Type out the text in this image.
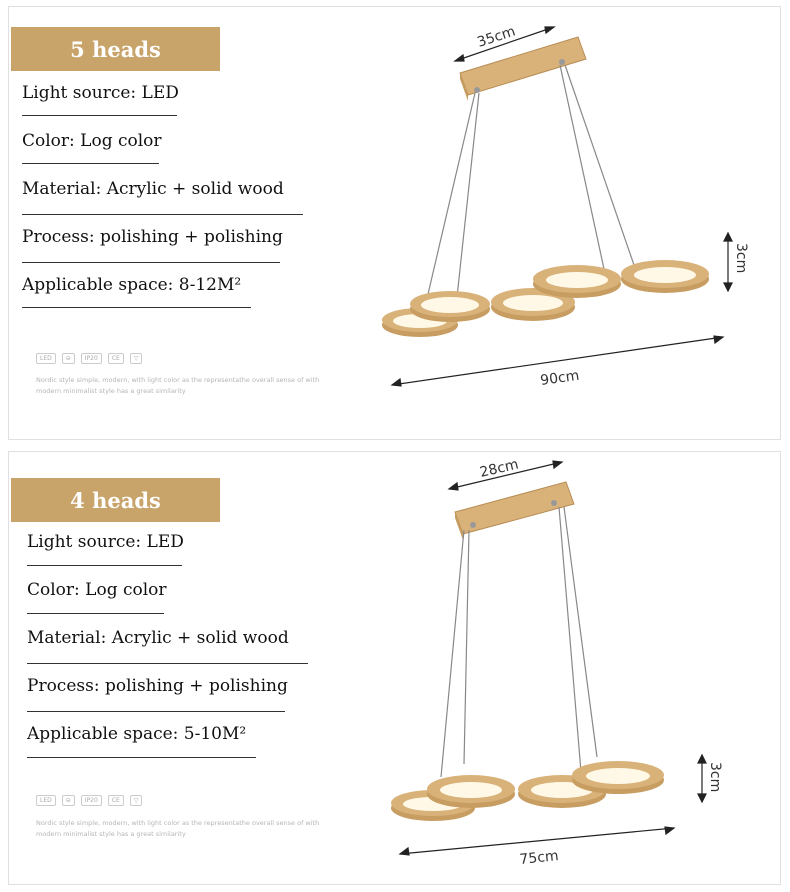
5 heads
Light source: LED
Color: Log color
Material: Acrylic + solid wood
Process: polishing + polishing
Applicable space: 8-12M²
LED	⊖	IP20	CE	▽
Nordic style simple, modern, with light color as the representathe overall sense of with modern minimalist style has a great similarity
35cm
3cm
90cm
4 heads
Light source: LED
Color: Log color
Material: Acrylic + solid wood
Process: polishing + polishing
Applicable space: 5-10M²
LED	⊖	IP20	CE	▽
Nordic style simple, modern, with light color as the representathe overall sense of with modern minimalist style has a great similarity
28cm
3cm
75cm
